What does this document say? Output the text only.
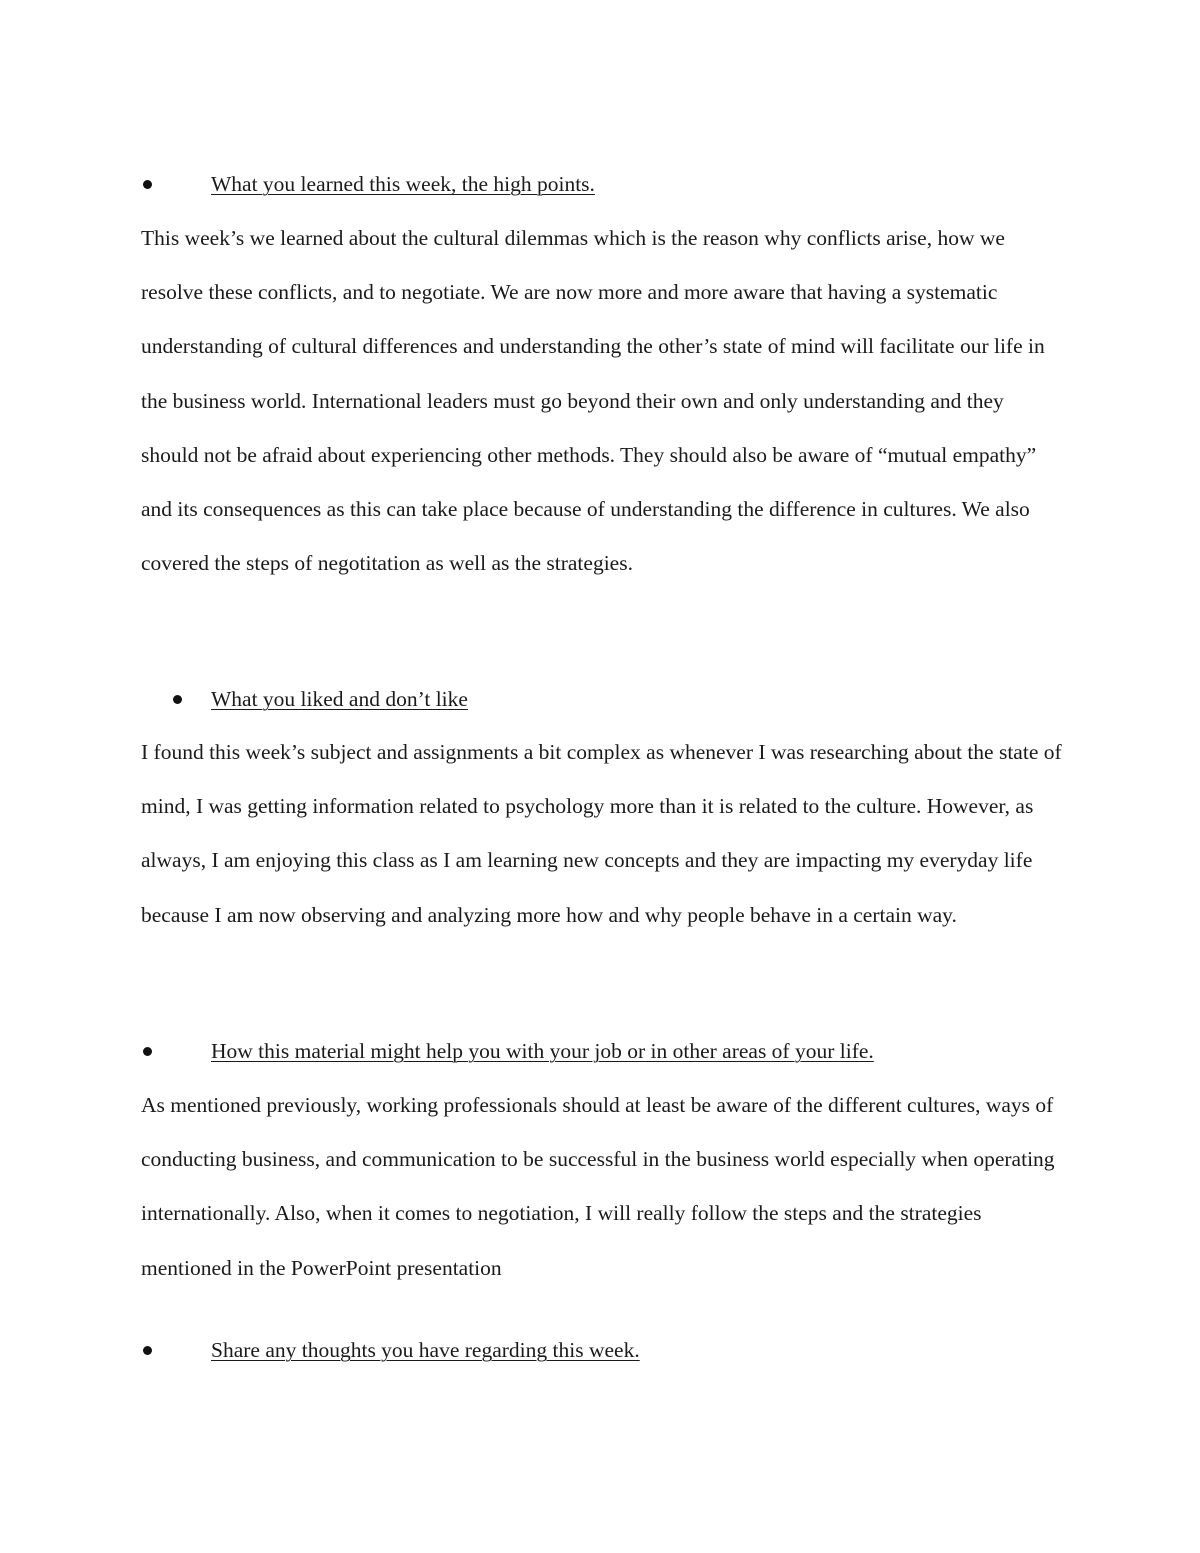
What you learned this week, the high points.

This week’s we learned about the cultural dilemmas which is the reason why conflicts arise, how we resolve these conflicts, and to negotiate. We are now more and more aware that having a systematic understanding of cultural differences and understanding the other’s state of mind will facilitate our life in the business world. International leaders must go beyond their own and only understanding and they should not be afraid about experiencing other methods. They should also be aware of “mutual empathy” and its consequences as this can take place because of understanding the difference in cultures. We also covered the steps of negotitation as well as the strategies.

What you liked and don’t like

I found this week’s subject and assignments a bit complex as whenever I was researching about the state of mind, I was getting information related to psychology more than it is related to the culture. However, as always, I am enjoying this class as I am learning new concepts and they are impacting my everyday life because I am now observing and analyzing more how and why people behave in a certain way.

How this material might help you with your job or in other areas of your life.

As mentioned previously, working professionals should at least be aware of the different cultures, ways of conducting business, and communication to be successful in the business world especially when operating internationally. Also, when it comes to negotiation, I will really follow the steps and the strategies mentioned in the PowerPoint presentation

Share any thoughts you have regarding this week.
